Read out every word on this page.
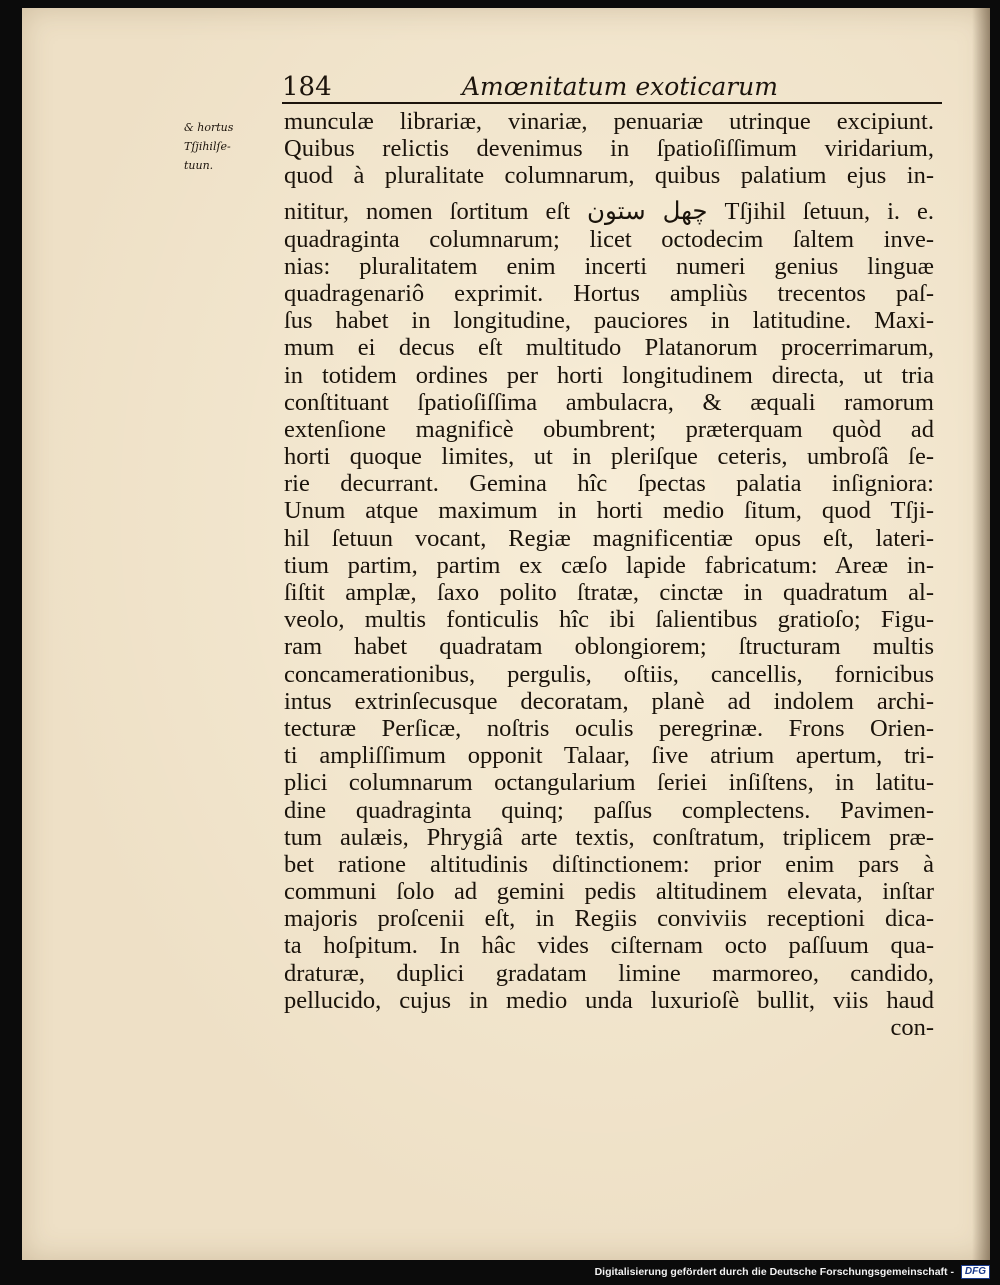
184	Amœnitatum exoticarum
& hortus
Tſjihilſe-
tuun.
munculæ librariæ, vinariæ, penuariæ utrinque excipiunt.
Quibus relictis devenimus in ſpatioſiſſimum viridarium,
quod à pluralitate columnarum, quibus palatium ejus in-
nititur, nomen ſortitum eſt چهل ستون Tſjihil ſetuun, i. e.
quadraginta columnarum; licet octodecim ſaltem inve-
nias: pluralitatem enim incerti numeri genius linguæ
quadragenariô exprimit. Hortus ampliùs trecentos paſ-
ſus habet in longitudine, pauciores in latitudine. Maxi-
mum ei decus eſt multitudo Platanorum procerrimarum,
in totidem ordines per horti longitudinem directa, ut tria
conſtituant ſpatioſiſſima ambulacra, & æquali ramorum
extenſione magnificè obumbrent; præterquam quòd ad
horti quoque limites, ut in pleriſque ceteris, umbroſâ ſe-
rie decurrant. Gemina hîc ſpectas palatia inſigniora:
Unum atque maximum in horti medio ſitum, quod Tſji-
hil ſetuun vocant, Regiæ magnificentiæ opus eſt, lateri-
tium partim, partim ex cæſo lapide fabricatum: Areæ in-
ſiſtit amplæ, ſaxo polito ſtratæ, cinctæ in quadratum al-
veolo, multis fonticulis hîc ibi ſalientibus gratioſo; Figu-
ram habet quadratam oblongiorem; ſtructuram multis
concamerationibus, pergulis, oſtiis, cancellis, fornicibus
intus extrinſecusque decoratam, planè ad indolem archi-
tecturæ Perſicæ, noſtris oculis peregrinæ. Frons Orien-
ti ampliſſimum opponit Talaar, ſive atrium apertum, tri-
plici columnarum octangularium ſeriei inſiſtens, in latitu-
dine quadraginta quinq; paſſus complectens. Pavimen-
tum aulæis, Phrygiâ arte textis, conſtratum, triplicem præ-
bet ratione altitudinis diſtinctionem: prior enim pars à
communi ſolo ad gemini pedis altitudinem elevata, inſtar
majoris proſcenii eſt, in Regiis conviviis receptioni dica-
ta hoſpitum. In hâc vides ciſternam octo paſſuum qua-
draturæ, duplici gradatam limine marmoreo, candido,
pellucido, cujus in medio unda luxurioſè bullit, viis haud
con-
Digitalisierung gefördert durch die Deutsche Forschungsgemeinschaft - DFG
